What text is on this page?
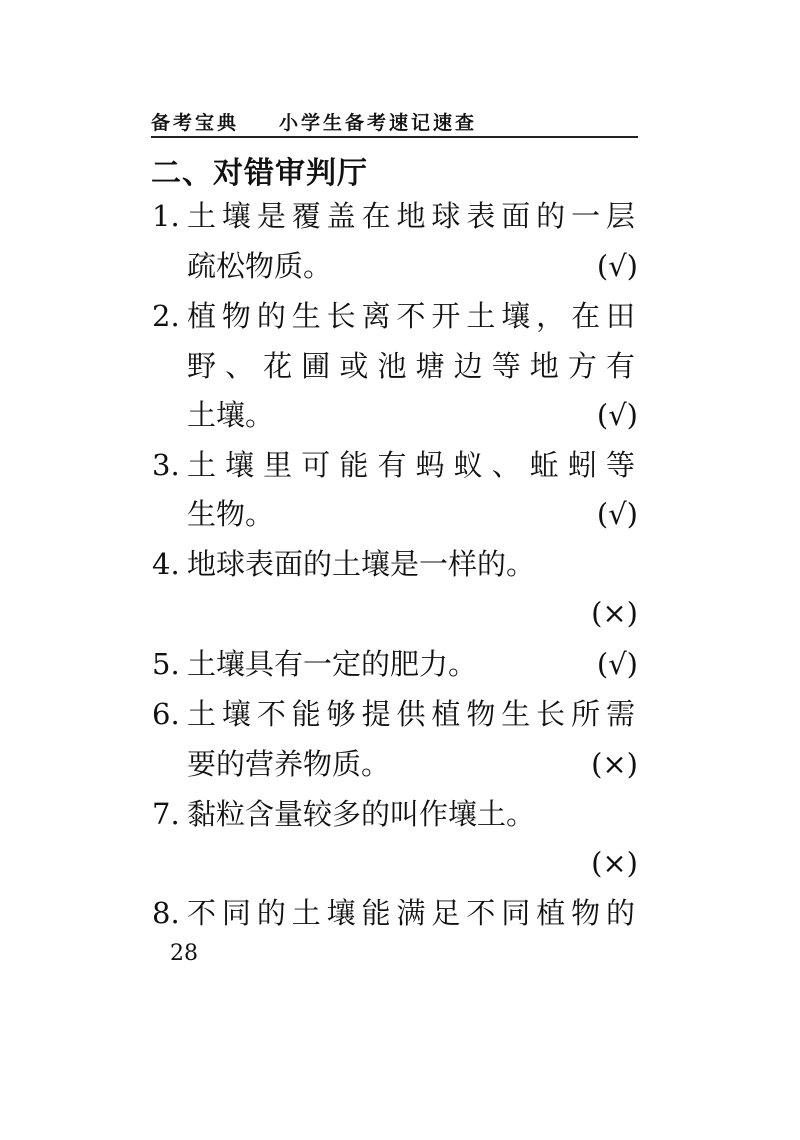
备考宝典 小学生备考速记速查
二、对错审判厅
1. 土壤是覆盖在地球表面的一层
疏松物质。	(√)
2. 植物的生长离不开土壤，在田
野、花圃或池塘边等地方有
土壤。	(√)
3. 土壤里可能有蚂蚁、蚯蚓等
生物。	(√)
4. 地球表面的土壤是一样的。
(×)
5. 土壤具有一定的肥力。	(√)
6. 土壤不能够提供植物生长所需
要的营养物质。	(×)
7. 黏粒含量较多的叫作壤土。
(×)
8. 不同的土壤能满足不同植物的
28
